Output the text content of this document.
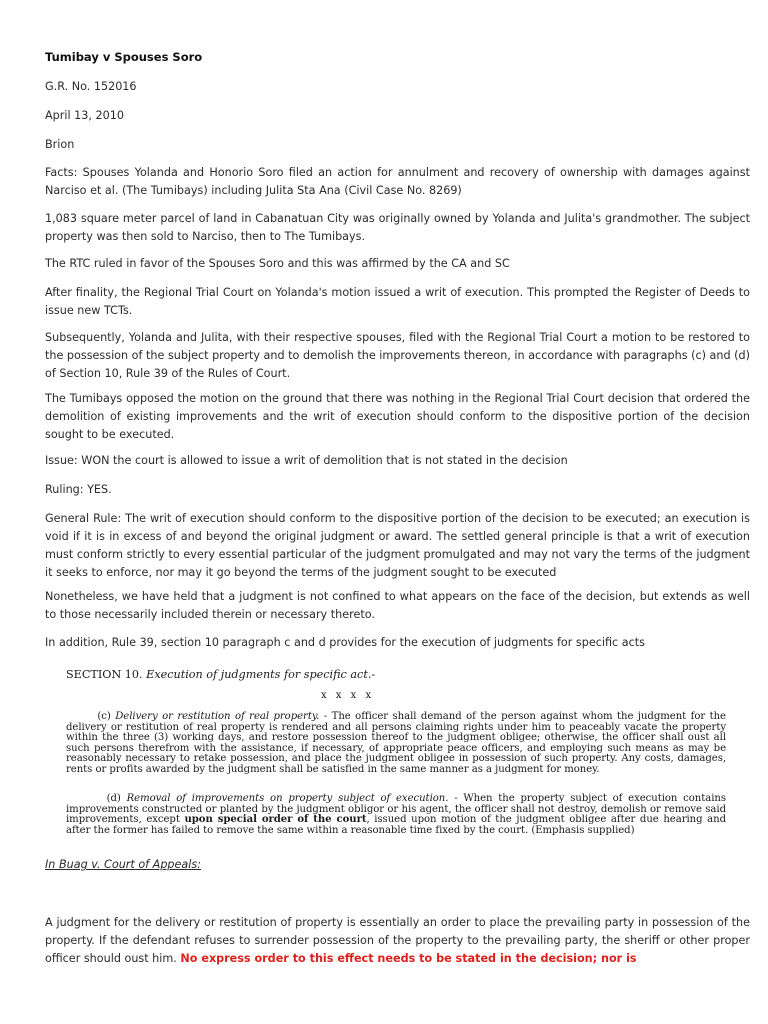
Tumibay v Spouses Soro
G.R. No. 152016
April 13, 2010
Brion
Facts: Spouses Yolanda and Honorio Soro filed an action for annulment and recovery of ownership with damages against Narciso et al. (The Tumibays) including Julita Sta Ana (Civil Case No. 8269)
1,083 square meter parcel of land in Cabanatuan City was originally owned by Yolanda and Julita's grandmother. The subject property was then sold to Narciso, then to The Tumibays.
The RTC ruled in favor of the Spouses Soro and this was affirmed by the CA and SC
After finality, the Regional Trial Court on Yolanda's motion issued a writ of execution. This prompted the Register of Deeds to issue new TCTs.
Subsequently, Yolanda and Julita, with their respective spouses, filed with the Regional Trial Court a motion to be restored to the possession of the subject property and to demolish the improvements thereon, in accordance with paragraphs (c) and (d) of Section 10, Rule 39 of the Rules of Court.
The Tumibays opposed the motion on the ground that there was nothing in the Regional Trial Court decision that ordered the demolition of existing improvements and the writ of execution should conform to the dispositive portion of the decision sought to be executed.
Issue: WON the court is allowed to issue a writ of demolition that is not stated in the decision
Ruling: YES.
General Rule: The writ of execution should conform to the dispositive portion of the decision to be executed; an execution is void if it is in excess of and beyond the original judgment or award. The settled general principle is that a writ of execution must conform strictly to every essential particular of the judgment promulgated and may not vary the terms of the judgment it seeks to enforce, nor may it go beyond the terms of the judgment sought to be executed
Nonetheless, we have held that a judgment is not confined to what appears on the face of the decision, but extends as well to those necessarily included therein or necessary thereto.
In addition, Rule 39, section 10 paragraph c and d provides for the execution of judgments for specific acts
In Buag v. Court of Appeals:
A judgment for the delivery or restitution of property is essentially an order to place the prevailing party in possession of the property. If the defendant refuses to surrender possession of the property to the prevailing party, the sheriff or other proper officer should oust him. No express order to this effect needs to be stated in the decision; nor is
SECTION 10. Execution of judgments for specific act.-
x x x x
(c) Delivery or restitution of real property. - The officer shall demand of the person against whom the judgment for the delivery or restitution of real property is rendered and all persons claiming rights under him to peaceably vacate the property within the three (3) working days, and restore possession thereof to the judgment obligee; otherwise, the officer shall oust all such persons therefrom with the assistance, if necessary, of appropriate peace officers, and employing such means as may be reasonably necessary to retake possession, and place the judgment obligee in possession of such property. Any costs, damages, rents or profits awarded by the judgment shall be satisfied in the same manner as a judgment for money.
(d) Removal of improvements on property subject of execution. - When the property subject of execution contains improvements constructed or planted by the judgment obligor or his agent, the officer shall not destroy, demolish or remove said improvements, except upon special order of the court, issued upon motion of the judgment obligee after due hearing and after the former has failed to remove the same within a reasonable time fixed by the court. (Emphasis supplied)
